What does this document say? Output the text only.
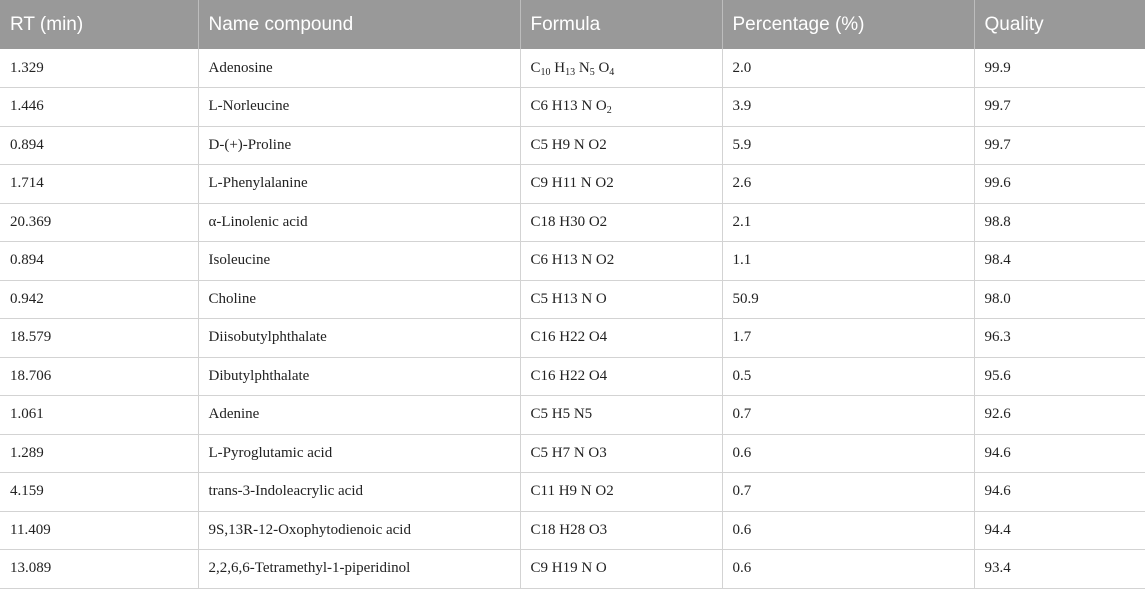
RT (min)	Name compound	Formula	Percentage (%)	Quality
1.329	Adenosine	$C_{10}$ $H_{13}$ $N_5$ $O_4$	2.0	99.9
1.446	L-Norleucine	C6 H13 N $O_2$	3.9	99.7
0.894	D-(+)-Proline	C5 H9 N O2	5.9	99.7
1.714	L-Phenylalanine	C9 H11 N O2	2.6	99.6
20.369	α-Linolenic acid	C18 H30 O2	2.1	98.8
0.894	Isoleucine	C6 H13 N O2	1.1	98.4
0.942	Choline	C5 H13 N O	50.9	98.0
18.579	Diisobutylphthalate	C16 H22 O4	1.7	96.3
18.706	Dibutylphthalate	C16 H22 O4	0.5	95.6
1.061	Adenine	C5 H5 N5	0.7	92.6
1.289	L-Pyroglutamic acid	C5 H7 N O3	0.6	94.6
4.159	trans-3-Indoleacrylic acid	C11 H9 N O2	0.7	94.6
11.409	9S,13R-12-Oxophytodienoic acid	C18 H28 O3	0.6	94.4
13.089	2,2,6,6-Tetramethyl-1-piperidinol	C9 H19 N O	0.6	93.4
